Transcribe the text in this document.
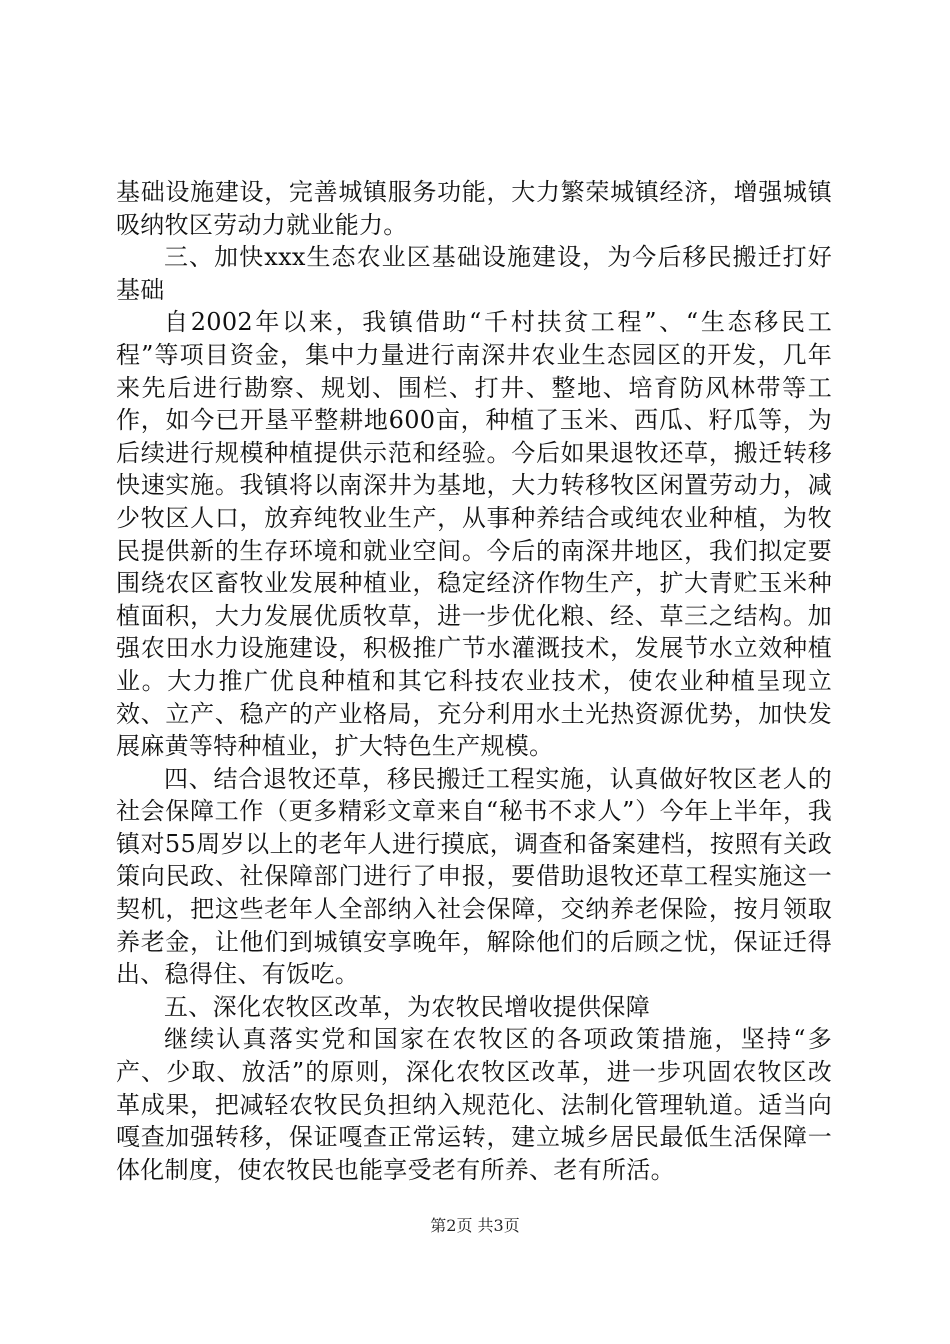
基础设施建设，完善城镇服务功能，大力繁荣城镇经济，增强城镇吸纳牧区劳动力就业能力。

三、加快xxx生态农业区基础设施建设，为今后移民搬迁打好基础

自2002年以来，我镇借助“千村扶贫工程”、“生态移民工程”等项目资金，集中力量进行南深井农业生态园区的开发，几年来先后进行勘察、规划、围栏、打井、整地、培育防风林带等工作，如今已开垦平整耕地600亩，种植了玉米、西瓜、籽瓜等，为后续进行规模种植提供示范和经验。今后如果退牧还草，搬迁转移快速实施。我镇将以南深井为基地，大力转移牧区闲置劳动力，减少牧区人口，放弃纯牧业生产，从事种养结合或纯农业种植，为牧民提供新的生存环境和就业空间。今后的南深井地区，我们拟定要围绕农区畜牧业发展种植业，稳定经济作物生产，扩大青贮玉米种植面积，大力发展优质牧草，进一步优化粮、经、草三之结构。加强农田水力设施建设，积极推广节水灌溉技术，发展节水立效种植业。大力推广优良种植和其它科技农业技术，使农业种植呈现立效、立产、稳产的产业格局，充分利用水土光热资源优势，加快发展麻黄等特种植业，扩大特色生产规模。

四、结合退牧还草，移民搬迁工程实施，认真做好牧区老人的社会保障工作（更多精彩文章来自“秘书不求人”）今年上半年，我镇对55周岁以上的老年人进行摸底，调查和备案建档，按照有关政策向民政、社保障部门进行了申报，要借助退牧还草工程实施这一契机，把这些老年人全部纳入社会保障，交纳养老保险，按月领取养老金，让他们到城镇安享晚年，解除他们的后顾之忧，保证迁得出、稳得住、有饭吃。

五、深化农牧区改革，为农牧民增收提供保障

继续认真落实党和国家在农牧区的各项政策措施，坚持“多产、少取、放活”的原则，深化农牧区改革，进一步巩固农牧区改革成果，把减轻农牧民负担纳入规范化、法制化管理轨道。适当向嘎查加强转移，保证嘎查正常运转，建立城乡居民最低生活保障一体化制度，使农牧民也能享受老有所养、老有所活。

第2页 共3页
